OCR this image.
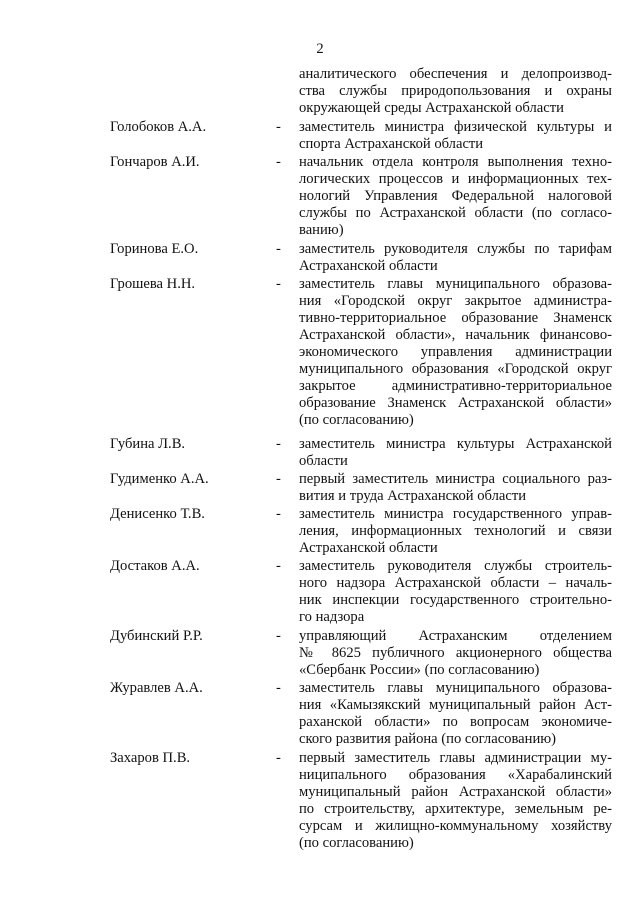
2
аналитического обеспечения и делопроизвод-
ства службы природопользования и охраны
окружающей среды Астраханской области
Голобоков А.А.	- заместитель министра физической культуры и
спорта Астраханской области
Гончаров А.И.	- начальник отдела контроля выполнения техно-
логических процессов и информационных тех-
нологий Управления Федеральной налоговой
службы по Астраханской области (по согласо-
ванию)
Горинова Е.О.	- заместитель руководителя службы по тарифам
Астраханской области
Грошева Н.Н.	- заместитель главы муниципального образова-
ния «Городской округ закрытое администра-
тивно-территориальное образование Знаменск
Астраханской области», начальник финансово-
экономического управления администрации
муниципального образования «Городской округ
закрытое административно-территориальное
образование Знаменск Астраханской области»
(по согласованию)
Губина Л.В.	- заместитель министра культуры Астраханской
области
Гудименко А.А.	- первый заместитель министра социального раз-
вития и труда Астраханской области
Денисенко Т.В.	- заместитель министра государственного управ-
ления, информационных технологий и связи
Астраханской области
Достаков А.А.	- заместитель руководителя службы строитель-
ного надзора Астраханской области – началь-
ник инспекции государственного строительно-
го надзора
Дубинский Р.Р.	- управляющий Астраханским отделением
№ 8625 публичного акционерного общества
«Сбербанк России» (по согласованию)
Журавлев А.А.	- заместитель главы муниципального образова-
ния «Камызякский муниципальный район Аст-
раханской области» по вопросам экономиче-
ского развития района (по согласованию)
Захаров П.В.	- первый заместитель главы администрации му-
ниципального образования «Харабалинский
муниципальный район Астраханской области»
по строительству, архитектуре, земельным ре-
сурсам и жилищно-коммунальному хозяйству
(по согласованию)
